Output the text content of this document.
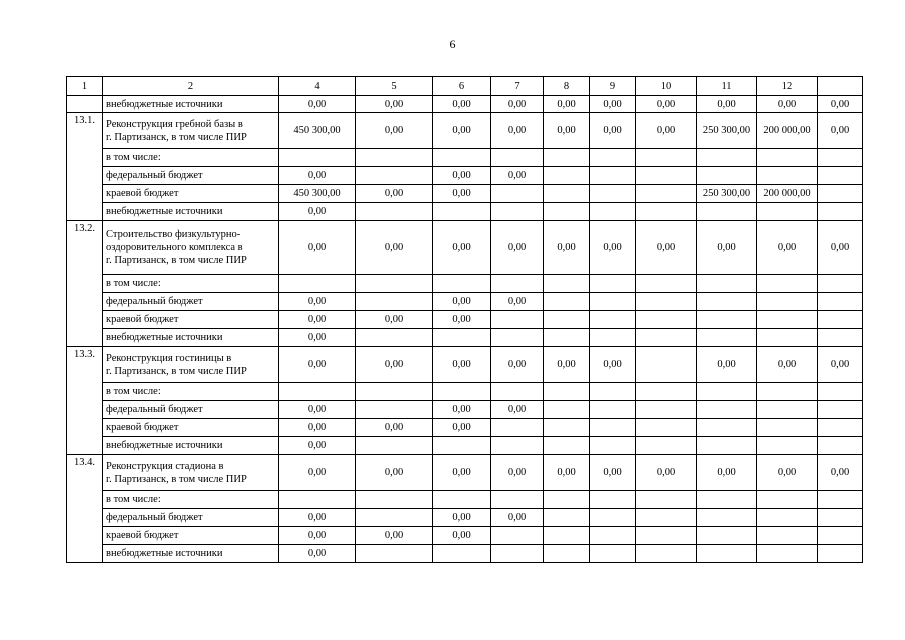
6
1	2	4	5	6	7	8	9	10	11	12	
	внебюджетные источники	0,00	0,00	0,00	0,00	0,00	0,00	0,00	0,00	0,00	0,00
13.1.	Реконструкция гребной базы в
г. Партизанск, в том числе ПИР	450 300,00	0,00	0,00	0,00	0,00	0,00	0,00	250 300,00	200 000,00	0,00
	в том числе:										
	федеральный бюджет	0,00		0,00	0,00						
	краевой бюджет	450 300,00	0,00	0,00					250 300,00	200 000,00	
	внебюджетные источники	0,00									
13.2.	Строительство физкультурно-
оздоровительного комплекса в
г. Партизанск, в том числе ПИР	0,00	0,00	0,00	0,00	0,00	0,00	0,00	0,00	0,00	0,00
	в том числе:										
	федеральный бюджет	0,00		0,00	0,00						
	краевой бюджет	0,00	0,00	0,00							
	внебюджетные источники	0,00									
13.3.	Реконструкция гостиницы в
г. Партизанск, в том числе ПИР	0,00	0,00	0,00	0,00	0,00	0,00		0,00	0,00	0,00
	в том числе:										
	федеральный бюджет	0,00		0,00	0,00						
	краевой бюджет	0,00	0,00	0,00							
	внебюджетные источники	0,00									
13.4.	Реконструкция стадиона в
г. Партизанск, в том числе ПИР	0,00	0,00	0,00	0,00	0,00	0,00	0,00	0,00	0,00	0,00
	в том числе:										
	федеральный бюджет	0,00		0,00	0,00						
	краевой бюджет	0,00	0,00	0,00							
	внебюджетные источники	0,00									
